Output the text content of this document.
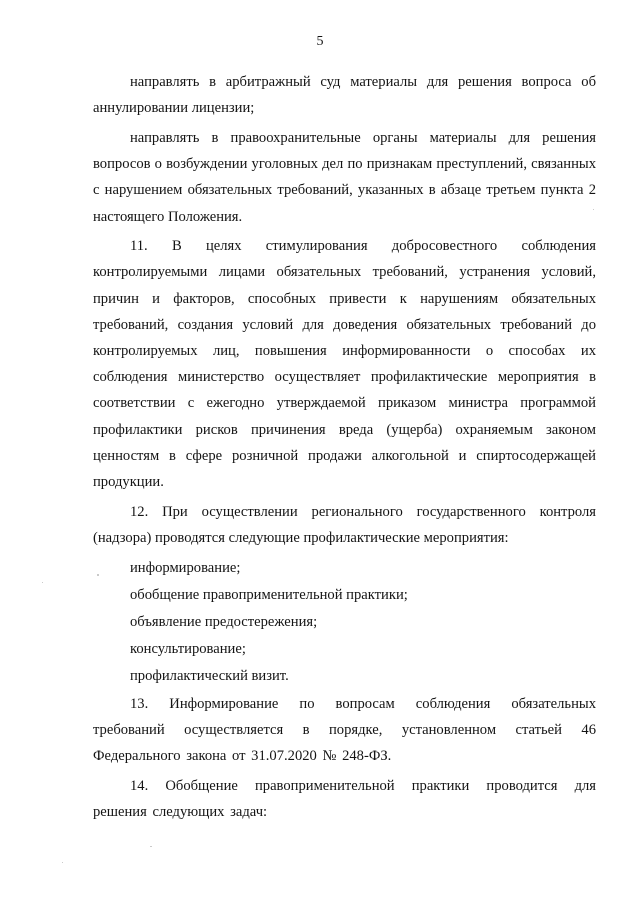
5

направлять в арбитражный суд материалы для решения вопроса об аннулировании лицензии;

направлять в правоохранительные органы материалы для решения вопросов о возбуждении уголовных дел по признакам преступлений, связанных с нарушением обязательных требований, указанных в абзаце третьем пункта 2 настоящего Положения.

11. В целях стимулирования добросовестного соблюдения контролируемыми лицами обязательных требований, устранения условий, причин и факторов, способных привести к нарушениям обязательных требований, создания условий для доведения обязательных требований до контролируемых лиц, повышения информированности о способах их соблюдения министерство осуществляет профилактические мероприятия в соответствии с ежегодно утверждаемой приказом министра программой профилактики рисков причинения вреда (ущерба) охраняемым законом ценностям в сфере розничной продажи алкогольной и спиртосодержащей продукции.

12. При осуществлении регионального государственного контроля (надзора) проводятся следующие профилактические мероприятия:

информирование;

обобщение правоприменительной практики;

объявление предостережения;

консультирование;

профилактический визит.

13. Информирование по вопросам соблюдения обязательных требований осуществляется в порядке, установленном статьей 46 Федерального закона от 31.07.2020 № 248-ФЗ.

14. Обобщение правоприменительной практики проводится для решения следующих задач:
